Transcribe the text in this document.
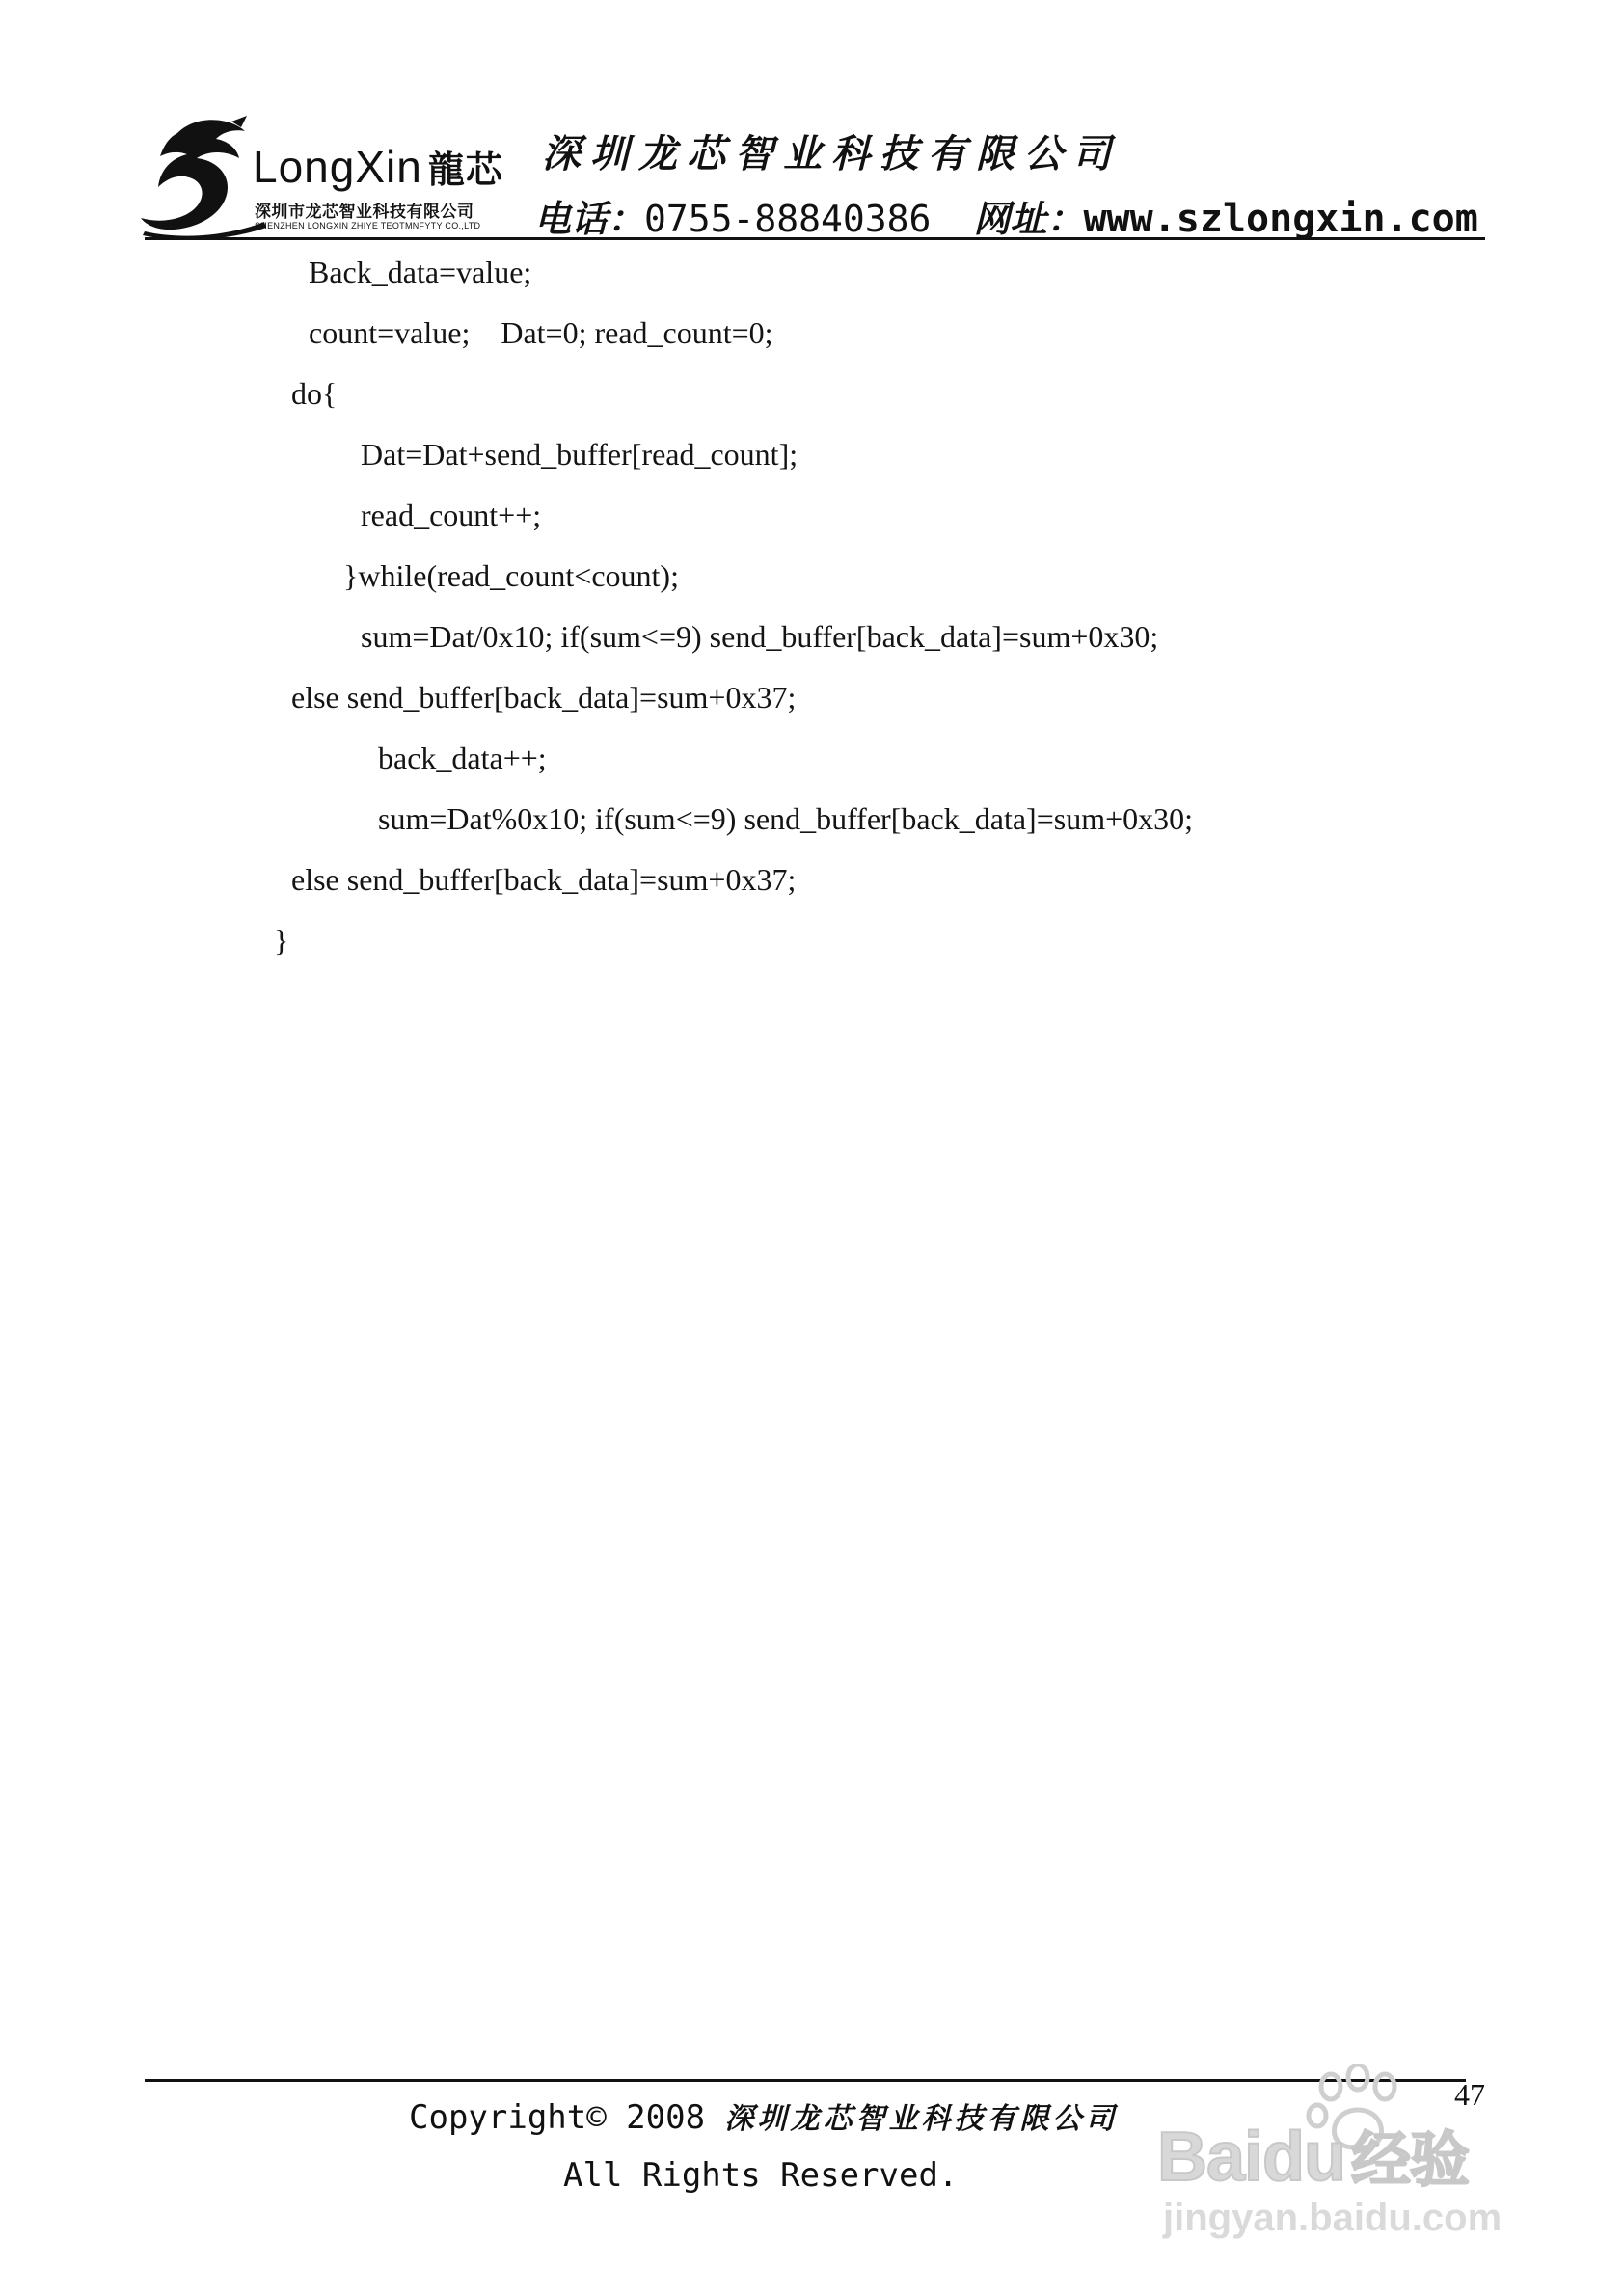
LongXin 龍芯
深圳市龙芯智业科技有限公司
SHENZHEN LONGXIN ZHIYE TEOTMNFYTY CO.,LTD
深圳龙芯智业科技有限公司
电话：0755-88840386 网址：www.szlongxin.com
Back_data=value;
count=value;    Dat=0; read_count=0;
do{
Dat=Dat+send_buffer[read_count];
read_count++;
}while(read_count<count);
sum=Dat/0x10; if(sum<=9) send_buffer[back_data]=sum+0x30;
else send_buffer[back_data]=sum+0x37;
back_data++;
sum=Dat%0x10; if(sum<=9) send_buffer[back_data]=sum+0x30;
else send_buffer[back_data]=sum+0x37;
}
47
Copyright© 2008 深圳龙芯智业科技有限公司
All Rights Reserved.	Baidu经验
jingyan.baidu.com
